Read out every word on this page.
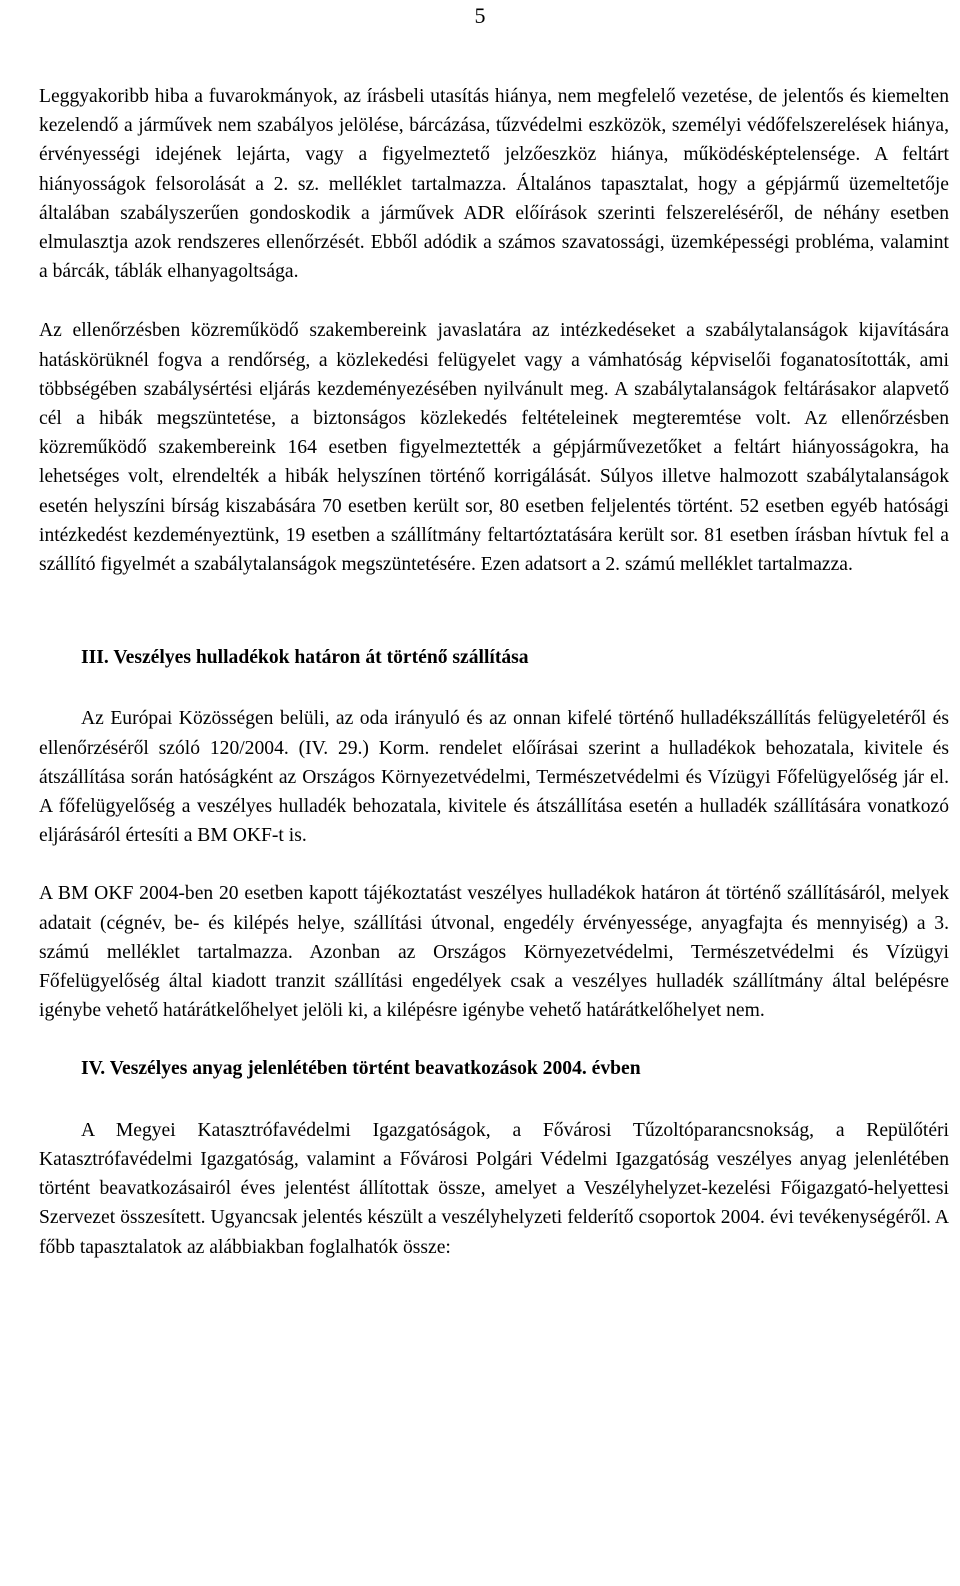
5

Leggyakoribb hiba a fuvarokmányok, az írásbeli utasítás hiánya, nem megfelelő vezetése, de jelentős és kiemelten kezelendő a járművek nem szabályos jelölése, bárcázása, tűzvédelmi eszközök, személyi védőfelszerelések hiánya, érvényességi idejének lejárta, vagy a figyelmeztető jelzőeszköz hiánya, működésképtelensége. A feltárt hiányosságok felsorolását a 2. sz. melléklet tartalmazza. Általános tapasztalat, hogy a gépjármű üzemeltetője általában szabályszerűen gondoskodik a járművek ADR előírások szerinti felszereléséről, de néhány esetben elmulasztja azok rendszeres ellenőrzését. Ebből adódik a számos szavatossági, üzemképességi probléma, valamint a bárcák, táblák elhanyagoltsága.

Az ellenőrzésben közreműködő szakembereink javaslatára az intézkedéseket a szabálytalanságok kijavítására hatáskörüknél fogva a rendőrség, a közlekedési felügyelet vagy a vámhatóság képviselői foganatosították, ami többségében szabálysértési eljárás kezdeményezésében nyilvánult meg. A szabálytalanságok feltárásakor alapvető cél a hibák megszüntetése, a biztonságos közlekedés feltételeinek megteremtése volt. Az ellenőrzésben közreműködő szakembereink 164 esetben figyelmeztették a gépjárművezetőket a feltárt hiányosságokra, ha lehetséges volt, elrendelték a hibák helyszínen történő korrigálását. Súlyos illetve halmozott szabálytalanságok esetén helyszíni bírság kiszabására 70 esetben került sor, 80 esetben feljelentés történt. 52 esetben egyéb hatósági intézkedést kezdeményeztünk, 19 esetben a szállítmány feltartóztatására került sor. 81 esetben írásban hívtuk fel a szállító figyelmét a szabálytalanságok megszüntetésére. Ezen adatsort a 2. számú melléklet tartalmazza.

III. Veszélyes hulladékok határon át történő szállítása

Az Európai Közösségen belüli, az oda irányuló és az onnan kifelé történő hulladékszállítás felügyeletéről és ellenőrzéséről szóló 120/2004. (IV. 29.) Korm. rendelet előírásai szerint a hulladékok behozatala, kivitele és átszállítása során hatóságként az Országos Környezetvédelmi, Természetvédelmi és Vízügyi Főfelügyelőség jár el. A főfelügyelőség a veszélyes hulladék behozatala, kivitele és átszállítása esetén a hulladék szállítására vonatkozó eljárásáról értesíti a BM OKF-t is.

A BM OKF 2004-ben 20 esetben kapott tájékoztatást veszélyes hulladékok határon át történő szállításáról, melyek adatait (cégnév, be- és kilépés helye, szállítási útvonal, engedély érvényessége, anyagfajta és mennyiség) a 3. számú melléklet tartalmazza. Azonban az Országos Környezetvédelmi, Természetvédelmi és Vízügyi Főfelügyelőség által kiadott tranzit szállítási engedélyek csak a veszélyes hulladék szállítmány által belépésre igénybe vehető határátkelőhelyet jelöli ki, a kilépésre igénybe vehető határátkelőhelyet nem.

IV. Veszélyes anyag jelenlétében történt beavatkozások 2004. évben

A Megyei Katasztrófavédelmi Igazgatóságok, a Fővárosi Tűzoltóparancsnokság, a Repülőtéri Katasztrófavédelmi Igazgatóság, valamint a Fővárosi Polgári Védelmi Igazgatóság veszélyes anyag jelenlétében történt beavatkozásairól éves jelentést állítottak össze, amelyet a Veszélyhelyzet-kezelési Főigazgató-helyettesi Szervezet összesített. Ugyancsak jelentés készült a veszélyhelyzeti felderítő csoportok 2004. évi tevékenységéről. A főbb tapasztalatok az alábbiakban foglalhatók össze:
